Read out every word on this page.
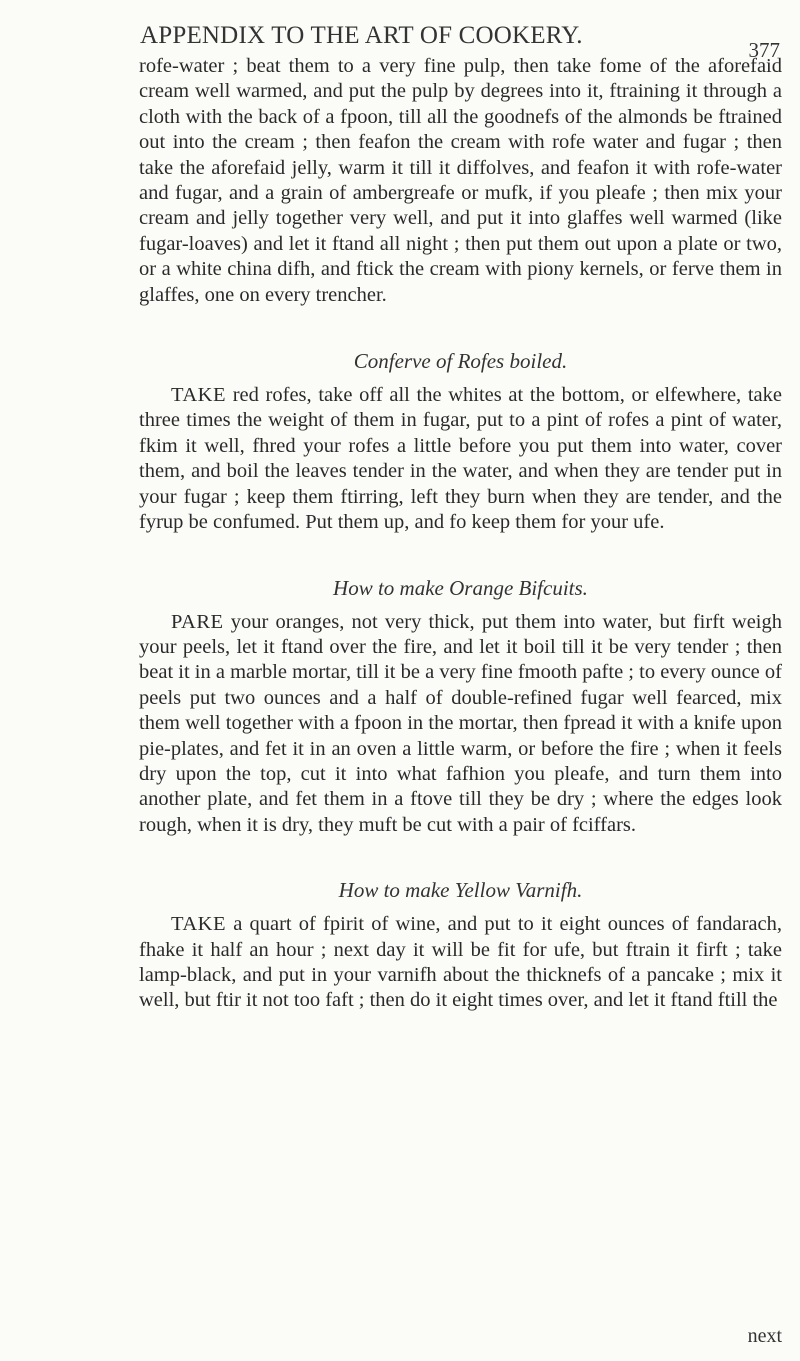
APPENDIX TO THE ART OF COOKERY.
377

rofe-water ; beat them to a very fine pulp, then take fome of the aforefaid cream well warmed, and put the pulp by degrees into it, ftraining it through a cloth with the back of a fpoon, till all the goodnefs of the almonds be ftrained out into the cream ; then feafon the cream with rofe water and fugar ; then take the aforefaid jelly, warm it till it diffolves, and feafon it with rofe-water and fugar, and a grain of ambergreafe or mufk, if you pleafe ; then mix your cream and jelly together very well, and put it into glaffes well warmed (like fugar-loaves) and let it ftand all night ; then put them out upon a plate or two, or a white china difh, and ftick the cream with piony kernels, or ferve them in glaffes, one on every trencher.

Conferve of Rofes boiled.

TAKE red rofes, take off all the whites at the bottom, or elfewhere, take three times the weight of them in fugar, put to a pint of rofes a pint of water, fkim it well, fhred your rofes a little before you put them into water, cover them, and boil the leaves tender in the water, and when they are tender put in your fugar ; keep them ftirring, left they burn when they are tender, and the fyrup be confumed. Put them up, and fo keep them for your ufe.

How to make Orange Bifcuits.

PARE your oranges, not very thick, put them into water, but firft weigh your peels, let it ftand over the fire, and let it boil till it be very tender ; then beat it in a marble mortar, till it be a very fine fmooth pafte ; to every ounce of peels put two ounces and a half of double-refined fugar well fearced, mix them well together with a fpoon in the mortar, then fpread it with a knife upon pie-plates, and fet it in an oven a little warm, or before the fire ; when it feels dry upon the top, cut it into what fafhion you pleafe, and turn them into another plate, and fet them in a ftove till they be dry ; where the edges look rough, when it is dry, they muft be cut with a pair of fciffars.

How to make Yellow Varnifh.

TAKE a quart of fpirit of wine, and put to it eight ounces of fandarach, fhake it half an hour ; next day it will be fit for ufe, but ftrain it firft ; take lamp-black, and put in your varnifh about the thicknefs of a pancake ; mix it well, but ftir it not too faft ; then do it eight times over, and let it ftand ftill the

next
